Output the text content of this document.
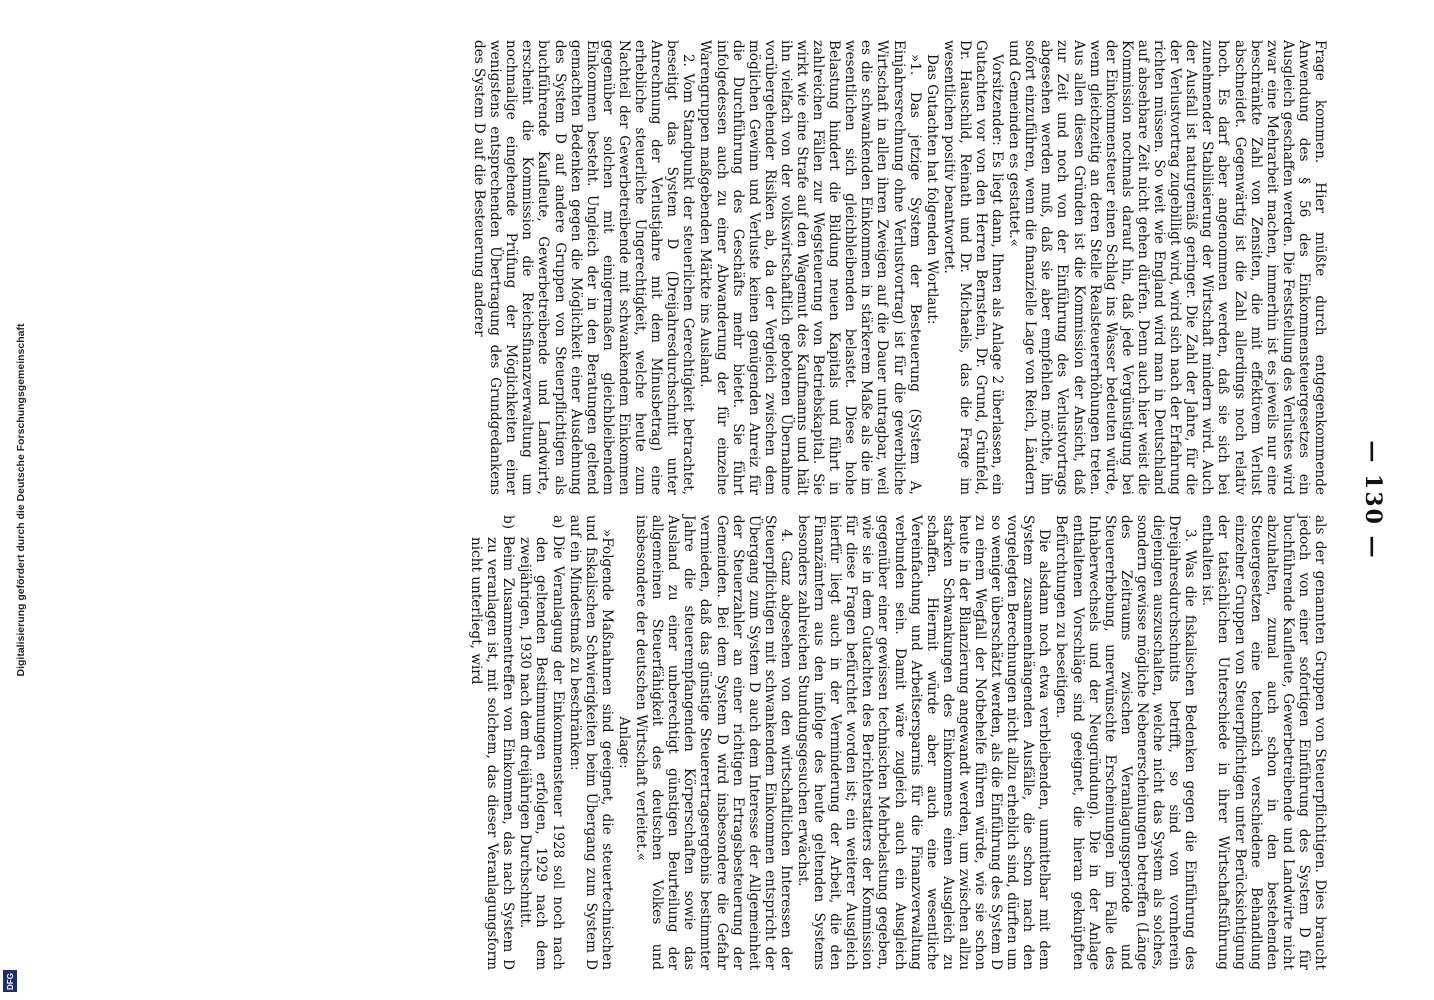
Digitalisierung gefördert durch die Deutsche Forschungsgemeinschaft
DFG
— 130 —

Frage kommen. Hier müßte durch entgegenkommende Anwendung des § 56 des Einkommensteuergesetzes ein Ausgleich geschaffen werden. Die Feststellung des Verlustes wird zwar eine Mehrarbeit machen, immerhin ist es jeweils nur eine beschränkte Zahl von Zensiten, die mit effektivem Verlust abschneidet. Gegenwärtig ist die Zahl allerdings noch relativ hoch. Es darf aber angenommen werden, daß sie sich bei zunehmender Stabilisierung der Wirtschaft mindern wird. Auch der Ausfall ist naturgemäß geringer. Die Zahl der Jahre, für die der Verlustvortrag zugebilligt wird, wird sich nach der Erfahrung richten müssen. So weit wie England wird man in Deutschland auf absehbare Zeit nicht gehen dürfen. Denn auch hier weist die Kommission nochmals darauf hin, daß jede Vergünstigung bei der Einkommensteuer einen Schlag ins Wasser bedeuten würde, wenn gleichzeitig an deren Stelle Realsteuererhöhungen treten. Aus allen diesen Gründen ist die Kommission der Ansicht, daß zur Zeit und noch von der Einführung des Verlustvortrags abgesehen werden muß, daß sie aber empfehlen möchte, ihn sofort einzuführen, wenn die finanzielle Lage von Reich, Ländern und Gemeinden es gestattet.«

Vorsitzender: Es liegt dann, Ihnen als Anlage 2 überlassen, ein Gutachten vor von den Herren Bernstein, Dr. Grund, Grünfeld, Dr. Hauschild, Reinath und Dr. Michaelis, das die Frage im wesentlichen positiv beantwortet.

Das Gutachten hat folgenden Wortlaut:

»1. Das jetzige System der Besteuerung (System A, Einjahresrechnung ohne Verlustvortrag) ist für die gewerbliche Wirtschaft in allen ihren Zweigen auf die Dauer untragbar, weil es die schwankenden Einkommen in stärkerem Maße als die im wesentlichen sich gleichbleibenden belastet. Diese hohe Belastung hindert die Bildung neuen Kapitals und führt in zahlreichen Fällen zur Wegsteuerung von Betriebskapital. Sie wirkt wie eine Strafe auf den Wagemut des Kaufmanns und hält ihn vielfach von der volkswirtschaftlich gebotenen Übernahme vorübergehender Risiken ab, da der Vergleich zwischen dem möglichen Gewinn und Verluste keinen genügenden Anreiz für die Durchführung des Geschäfts mehr bietet. Sie führt infolgedessen auch zu einer Abwanderung der für einzelne Warengruppen maßgebenden Märkte ins Ausland.

2. Vom Standpunkt der steuerlichen Gerechtigkeit betrachtet, beseitigt das System D (Dreijahresdurchschnitt unter Anrechnung der Verlustjahre mit dem Minusbetrag) eine erhebliche steuerliche Ungerechtigkeit, welche heute zum Nachteil der Gewerbetreibende mit schwankendem Einkommen gegenüber solchen mit einigermaßen gleichbleibendem Einkommen besteht. Ungleich der in den Beratungen geltend gemachten Bedenken gegen die Möglichkeit einer Ausdehnung des System D auf andere Gruppen von Steuerpflichtigen als buchführende Kaufleute, Gewerbetreibende und Landwirte, erscheint die Kommission die Reichsfinanzverwaltung um nochmalige eingehende Prüfung der Möglichkeiten einer wenigstens entsprechenden Übertragung des Grundgedankens des System D auf die Besteuerung anderer

als der genannten Gruppen von Steuerpflichtigen. Dies braucht jedoch von einer sofortigen Einführung des System D für buchführende Kaufleute, Gewerbetreibende und Landwirte nicht abzuhalten, zumal auch schon in den bestehenden Steuergesetzen eine technisch verschiedene Behandlung einzelner Gruppen von Steuerpflichtigen unter Berücksichtigung der tatsächlichen Unterschiede in ihrer Wirtschaftsführung enthalten ist.

3. Was die fiskalischen Bedenken gegen die Einführung des Dreijahresdurchschnitts betrifft, so sind von vornherein diejenigen auszuschalten, welche nicht das System als solches, sondern gewisse mögliche Nebenerscheinungen betreffen (Länge des Zeitraums zwischen Veranlagungsperiode und Steuererhebung, unerwünschte Erscheinungen im Falle des Inhaberwechsels und der Neugründung). Die in der Anlage enthaltenen Vorschläge sind geeignet, die hieran geknüpften Befürchtungen zu beseitigen.

Die alsdann noch etwa verbleibenden, unmittelbar mit dem System zusammenhängenden Ausfälle, die schon nach den vorgelegten Berechnungen nicht allzu erheblich sind, dürften um so weniger überschätzt werden, als die Einführung des System D zu einem Wegfall der Notbehelfe führen würde, wie sie schon heute in der Bilanzierung angewandt werden, um zwischen allzu starken Schwankungen des Einkommens einen Ausgleich zu schaffen. Hiermit würde aber auch eine wesentliche Vereinfachung und Arbeitsersparnis für die Finanzverwaltung verbunden sein. Damit wäre zugleich auch ein Ausgleich gegenüber einer gewissen technischen Mehrbelastung gegeben, wie sie in dem Gutachten des Berichterstatters der Kommission für diese Fragen befürchtet worden ist; ein weiterer Ausgleich hierfür liegt auch in der Verminderung der Arbeit, die den Finanzämtern aus den infolge des heute geltenden Systems besonders zahlreichen Stundungsgesuchen erwächst.

4. Ganz abgesehen von den wirtschaftlichen Interessen der Steuerpflichtigen mit schwankendem Einkommen entspricht der Übergang zum System D auch dem Interesse der Allgemeinheit der Steuerzahler an einer richtigen Ertragsbesteuerung der Gemeinden. Bei dem System D wird insbesondere die Gefahr vermieden, daß das günstige Steuerertragsergebnis bestimmter Jahre die steuerempfangenden Körperschaften sowie das Ausland zu einer unberechtigt günstigen Beurteilung der allgemeinen Steuerfähigkeit des deutschen Volkes und insbesondere der deutschen Wirtschaft verleitet.«

Anlage:

»Folgende Maßnahmen sind geeignet, die steuertechnischen und fiskalischen Schwierigkeiten beim Übergang zum System D auf ein Mindestmaß zu beschränken:

a) Die Veranlagung der Einkommensteuer 1928 soll noch nach den geltenden Bestimmungen erfolgen, 1929 nach dem zweijährigen, 1930 nach dem dreijährigen Durchschnitt.

b) Beim Zusammentreffen von Einkommen, das nach System D zu veranlagen ist, mit solchem, das dieser Veranlagungsform nicht unterliegt, wird
